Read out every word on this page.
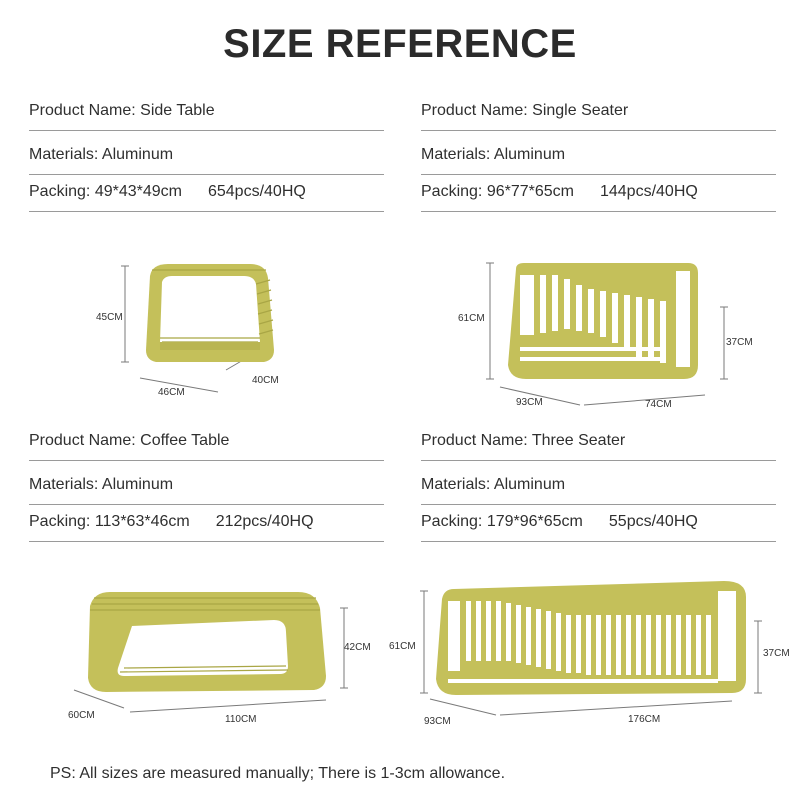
SIZE REFERENCE
Product Name: Side Table
Materials: Aluminum
Packing: 49*43*49cm 654pcs/40HQ
Product Name: Single Seater
Materials: Aluminum
Packing: 96*77*65cm 144pcs/40HQ
Product Name: Coffee Table
Materials: Aluminum
Packing: 113*63*46cm 212pcs/40HQ
Product Name: Three Seater
Materials: Aluminum
Packing: 179*96*65cm 55pcs/40HQ
45CM
46CM
40CM
61CM
37CM
93CM	74CM
42CM
60CM	110CM
61CM
37CM
93CM	176CM
PS: All sizes are measured manually; There is 1-3cm allowance.
